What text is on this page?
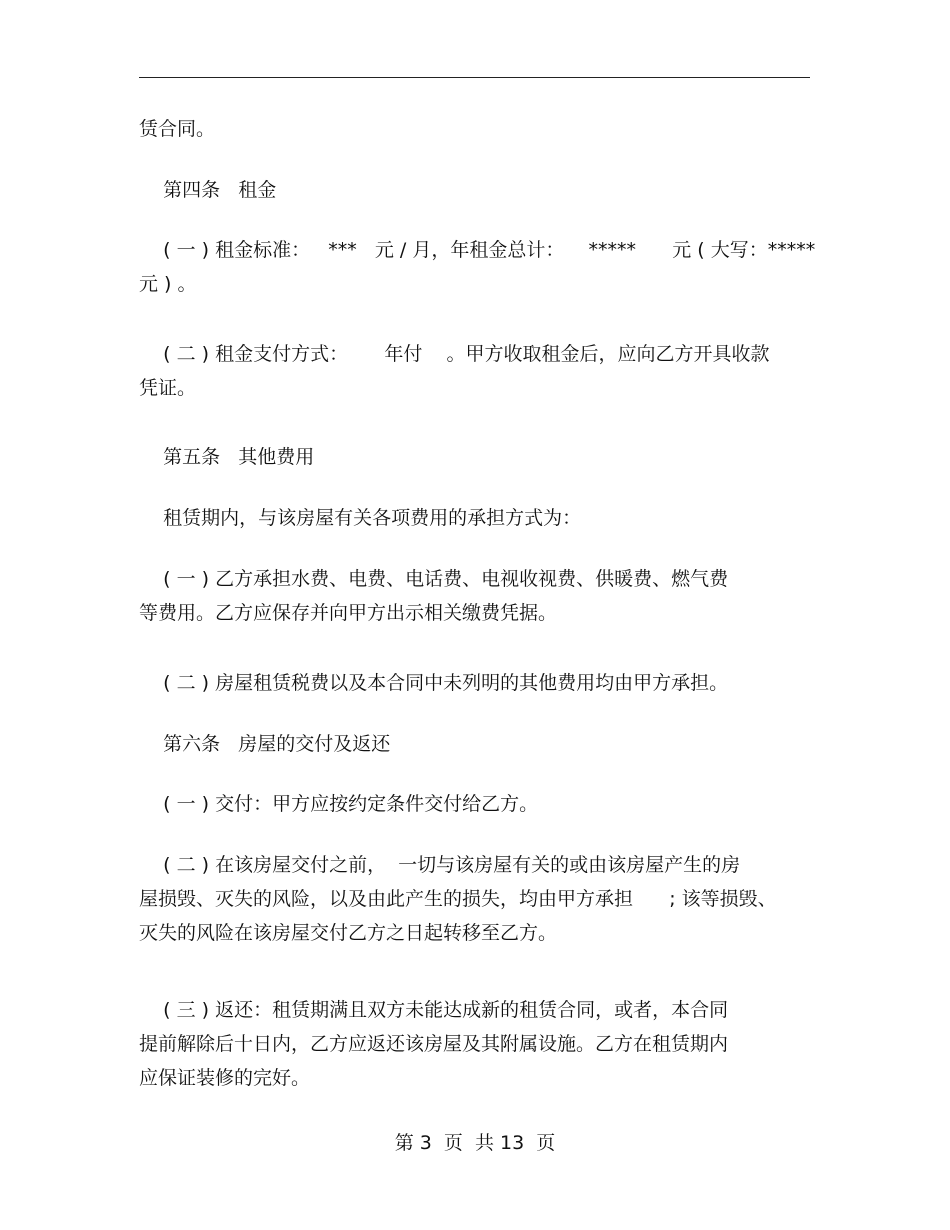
赁合同。
第四条   租金
( 一 ) 租金标准：   ***   元 / 月，年租金总计：    *****      元 ( 大写：*****
元 ) 。
( 二 ) 租金支付方式：      年付    。甲方收取租金后，应向乙方开具收款
凭证。
第五条   其他费用
租赁期内，与该房屋有关各项费用的承担方式为：
( 一 ) 乙方承担水费、电费、电话费、电视收视费、供暖费、燃气费
等费用。乙方应保存并向甲方出示相关缴费凭据。
( 二 ) 房屋租赁税费以及本合同中未列明的其他费用均由甲方承担。
第六条   房屋的交付及返还
( 一 ) 交付：甲方应按约定条件交付给乙方。
( 二 ) 在该房屋交付之前，  一切与该房屋有关的或由该房屋产生的房
屋损毁、灭失的风险，以及由此产生的损失，均由甲方承担      ; 该等损毁、
灭失的风险在该房屋交付乙方之日起转移至乙方。
( 三 ) 返还：租赁期满且双方未能达成新的租赁合同，或者，本合同
提前解除后十日内，乙方应返还该房屋及其附属设施。乙方在租赁期内
应保证装修的完好。
第 3  页  共 13  页
